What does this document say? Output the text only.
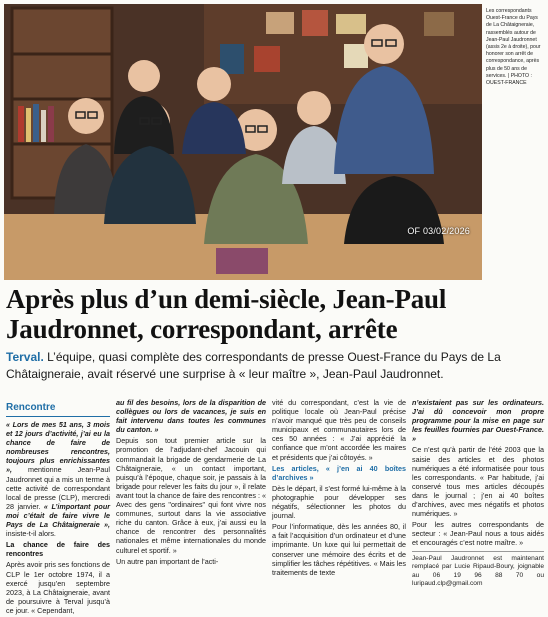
OF 03/02/2026
Les correspondants Ouest-France du Pays de La Châtaigneraie, rassemblés autour de Jean-Paul Jaudronnet (assis 2e à droite), pour honorer son arrêt de correspondance, après plus de 50 ans de services. | PHOTO : OUEST-FRANCE
Après plus d’un demi-siècle, Jean-Paul Jaudronnet, correspondant, arrête
Terval. L’équipe, quasi complète des correspondants de presse Ouest-France du Pays de La Châtaigneraie, avait réservé une surprise à « leur maître », Jean-Paul Jaudronnet.
Rencontre

« Lors de mes 51 ans, 3 mois et 12 jours d’activité, j’ai eu la chance de faire de nombreuses rencontres, toujours plus enrichissantes », mentionne Jean-Paul Jaudronnet qui a mis un terme à cette activité de correspondant local de presse (CLP), mercredi 28 janvier. « L’important pour moi c’était de faire vivre le Pays de La Châtaigneraie », insiste-t-il alors.

La chance de faire des rencontres

Après avoir pris ses fonctions de CLP le 1er octobre 1974, il a exercé jusqu’en septembre 2023, à La Châtaigneraie, avant de poursuivre à Terval jusqu’à ce jour. « Cependant,

au fil des besoins, lors de la disparition de collègues ou lors de vacances, je suis en fait intervenu dans toutes les communes du canton. »

Depuis son tout premier article sur la promotion de l’adjudant-chef Jacouin qui commandait la brigade de gendarmerie de La Châtaigneraie, « un contact important, puisqu’à l’époque, chaque soir, je passais à la brigade pour relever les faits du jour », il relate avant tout la chance de faire des rencontres : « Avec des gens "ordinaires" qui font vivre nos communes, surtout dans la vie associative riche du canton. Grâce à eux, j’ai aussi eu la chance de rencontrer des personnalités nationales et même internationales du monde culturel et sportif. »

Un autre pan important de l’acti-

vité du correspondant, c’est la vie de politique locale où Jean-Paul précise n’avoir manqué que très peu de conseils municipaux et communautaires lors de ces 50 années : « J’ai apprécié la confiance que m’ont accordée les maires et présidents que j’ai côtoyés. »

Les articles, « j’en ai 40 boîtes d’archives »

Dès le départ, il s’est formé lui-même à la photographie pour développer ses négatifs, sélectionner les photos du journal.

Pour l’informatique, dès les années 80, il a fait l’acquisition d’un ordinateur et d’une imprimante. Un luxe qui lui permettait de conserver une mémoire des écrits et de simplifier les tâches répétitives. « Mais les traitements de texte

n’existaient pas sur les ordinateurs. J’ai dû concevoir mon propre programme pour la mise en page sur les feuilles fournies par Ouest-France. »

Ce n’est qu’à partir de l’été 2003 que la saisie des articles et des photos numériques a été informatisée pour tous les correspondants. « Par habitude, j’ai conservé tous mes articles découpés dans le journal ; j’en ai 40 boîtes d’archives, avec mes négatifs et photos numériques. »

Pour les autres correspondants de secteur : « Jean-Paul nous a tous aidés et encouragés c’est notre maître. »

Jean-Paul Jaudronnet est maintenant remplacé par Lucie Ripaud-Boury, joignable au 06 19 96 88 70 ou luripaud.clp@gmail.com
